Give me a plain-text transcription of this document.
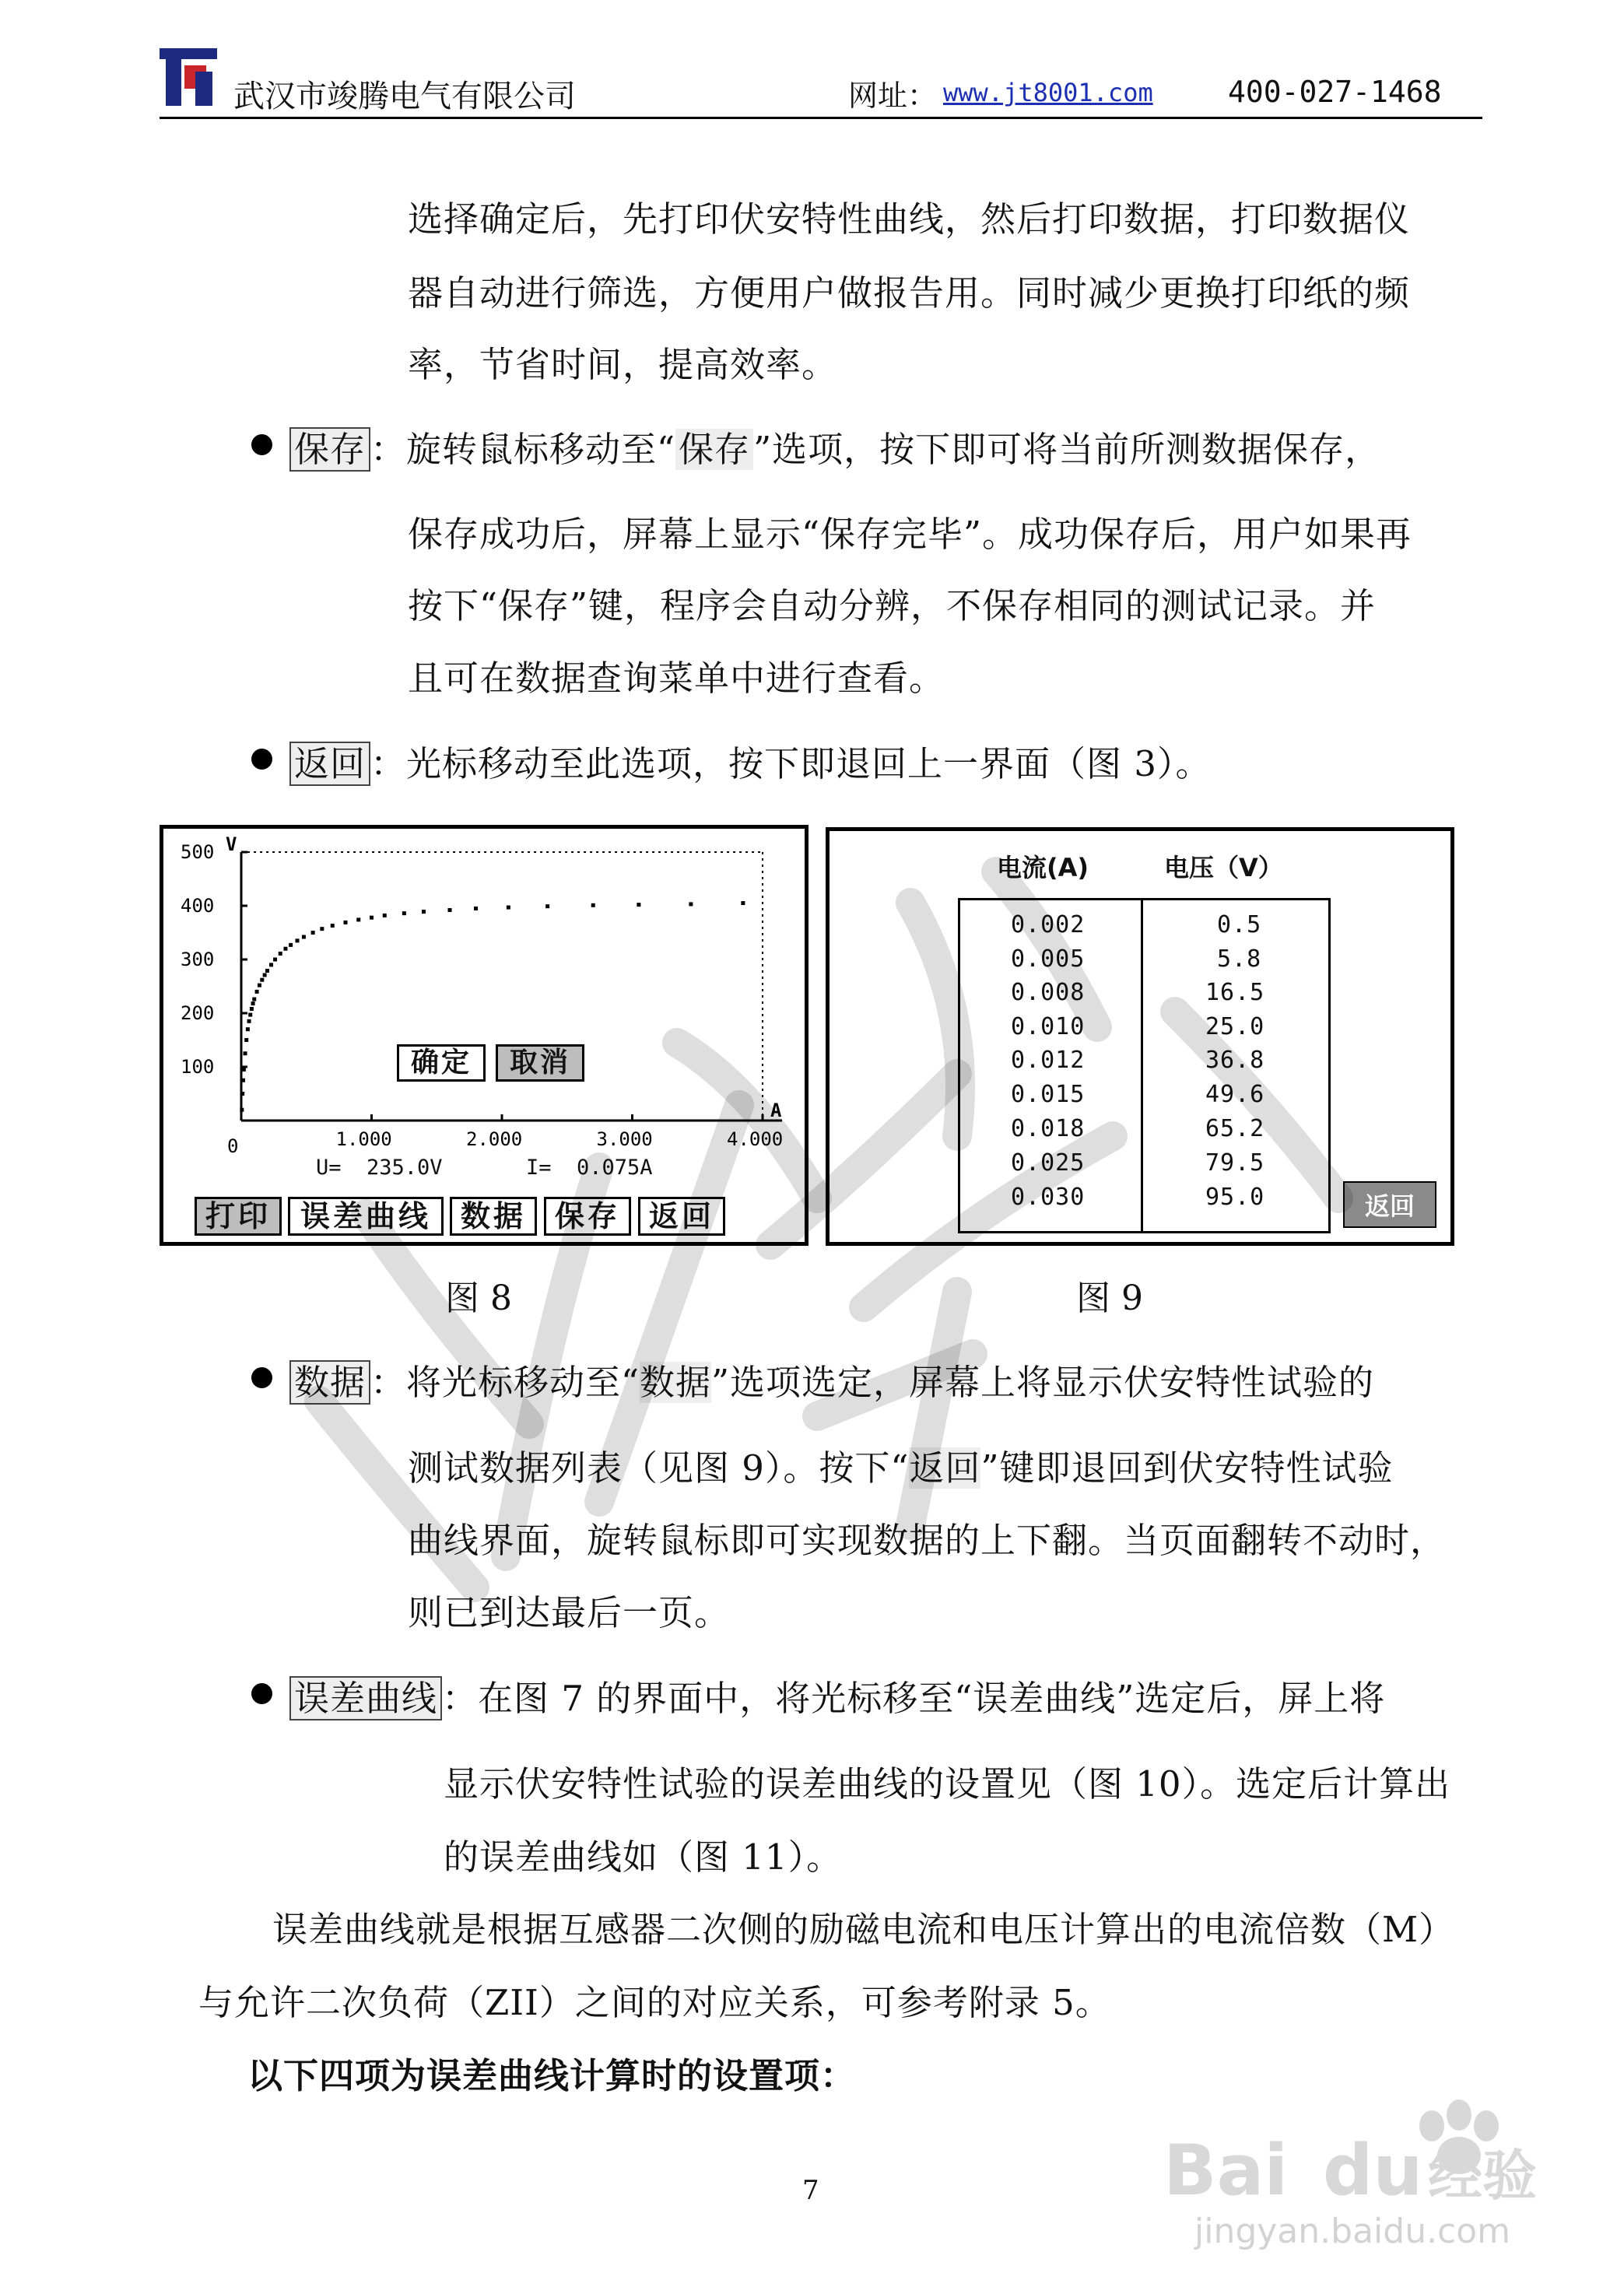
武汉市竣腾电气有限公司	网址： www.jt8001.com	400-027-1468
选择确定后，先打印伏安特性曲线，然后打印数据，打印数据仪
器自动进行筛选，方便用户做报告用。同时减少更换打印纸的频
率，节省时间，提高效率。
保存 ：旋转鼠标移动至“保存”选项，按下即可将当前所测数据保存，
保存成功后，屏幕上显示“保存完毕”。成功保存后，用户如果再
按下“保存”键，程序会自动分辨，不保存相同的测试记录。并
且可在数据查询菜单中进行查看。
返回 ：光标移动至此选项，按下即退回上一界面（图 3）。
V
A
0
500
400
300
200
100
1.000	2.000	3.000	4.000
确定	取消
U=  235.0V	I=  0.075A
打印 误差曲线 数据 保存 返回
电流(A)	电压（V）
0.002	0.5
0.005	5.8
0.008	16.5
0.010	25.0
0.012	36.8
0.015	49.6
0.018	65.2
0.025	79.5
0.030	95.0	返回
图 8	图 9
数据 ：将光标移动至“数据”选项选定，屏幕上将显示伏安特性试验的
测试数据列表（见图 9）。按下“返回”键即退回到伏安特性试验
曲线界面，旋转鼠标即可实现数据的上下翻。当页面翻转不动时，
则已到达最后一页。
误差曲线 ：在图 7 的界面中，将光标移至“误差曲线”选定后，屏上将
显示伏安特性试验的误差曲线的设置见（图 10）。选定后计算出
的误差曲线如（图 11）。
误差曲线就是根据互感器二次侧的励磁电流和电压计算出的电流倍数（M）
与允许二次负荷（ZII）之间的对应关系，可参考附录 5。
以下四项为误差曲线计算时的设置项：
7	Bai du 经验
jingyan.baidu.com
